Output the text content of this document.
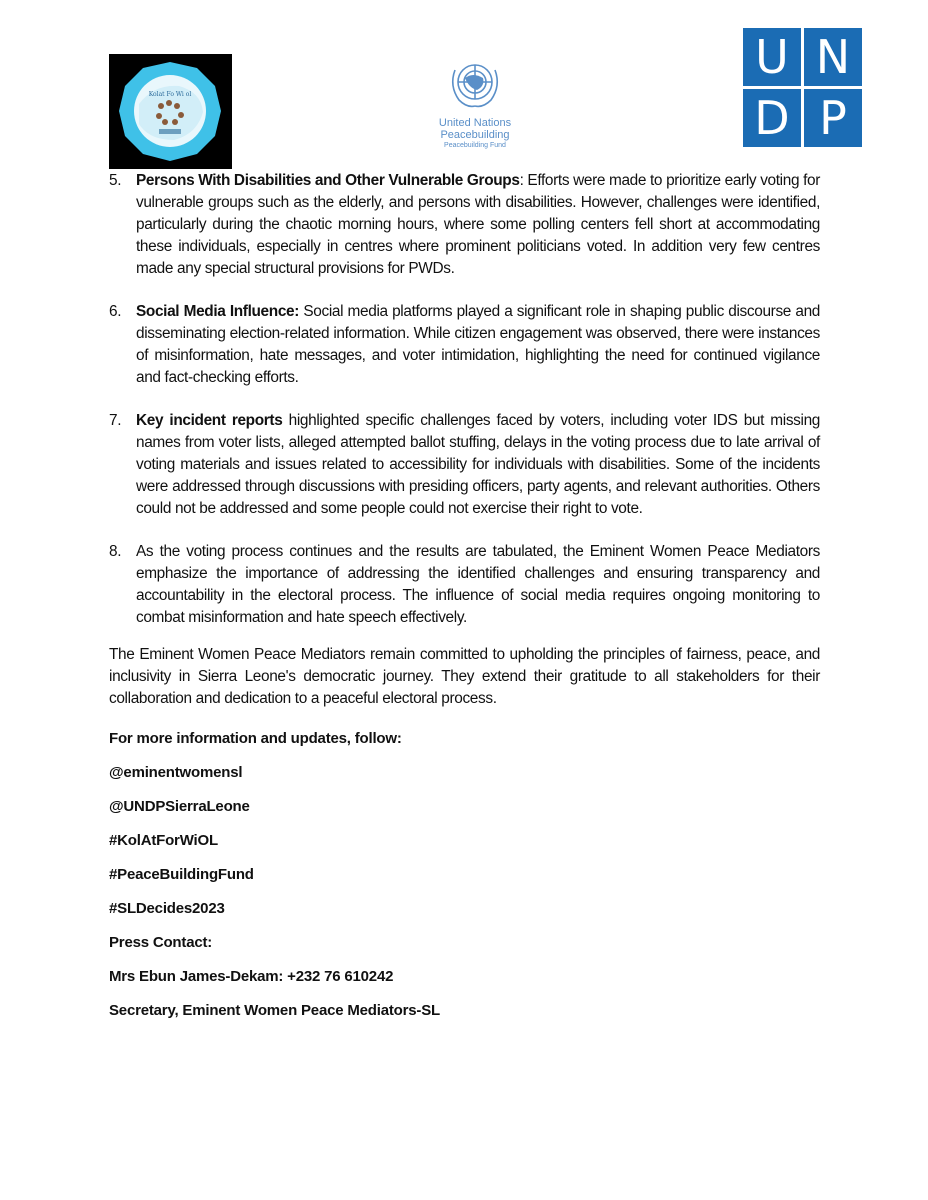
Kolat Fo Wi ol
United Nations
Peacebuilding
Peacebuilding Fund
U N
D P
5. Persons With Disabilities and Other Vulnerable Groups: Efforts were made to prioritize early voting for vulnerable groups such as the elderly, and persons with disabilities. However, challenges were identified, particularly during the chaotic morning hours, where some polling centers fell short at accommodating these individuals, especially in centres where prominent politicians voted. In addition very few centres made any special structural provisions for PWDs.
6. Social Media Influence: Social media platforms played a significant role in shaping public discourse and disseminating election-related information. While citizen engagement was observed, there were instances of misinformation, hate messages, and voter intimidation, highlighting the need for continued vigilance and fact-checking efforts.
7. Key incident reports highlighted specific challenges faced by voters, including voter IDS but missing names from voter lists, alleged attempted ballot stuffing, delays in the voting process due to late arrival of voting materials and issues related to accessibility for individuals with disabilities. Some of the incidents were addressed through discussions with presiding officers, party agents, and relevant authorities. Others could not be addressed and some people could not exercise their right to vote.
8. As the voting process continues and the results are tabulated, the Eminent Women Peace Mediators emphasize the importance of addressing the identified challenges and ensuring transparency and accountability in the electoral process. The influence of social media requires ongoing monitoring to combat misinformation and hate speech effectively.

The Eminent Women Peace Mediators remain committed to upholding the principles of fairness, peace, and inclusivity in Sierra Leone's democratic journey. They extend their gratitude to all stakeholders for their collaboration and dedication to a peaceful electoral process.

For more information and updates, follow:

@eminentwomensl

@UNDPSierraLeone

#KolAtForWiOL

#PeaceBuildingFund

#SLDecides2023

Press Contact:

Mrs Ebun James-Dekam: +232 76 610242

Secretary, Eminent Women Peace Mediators-SL
